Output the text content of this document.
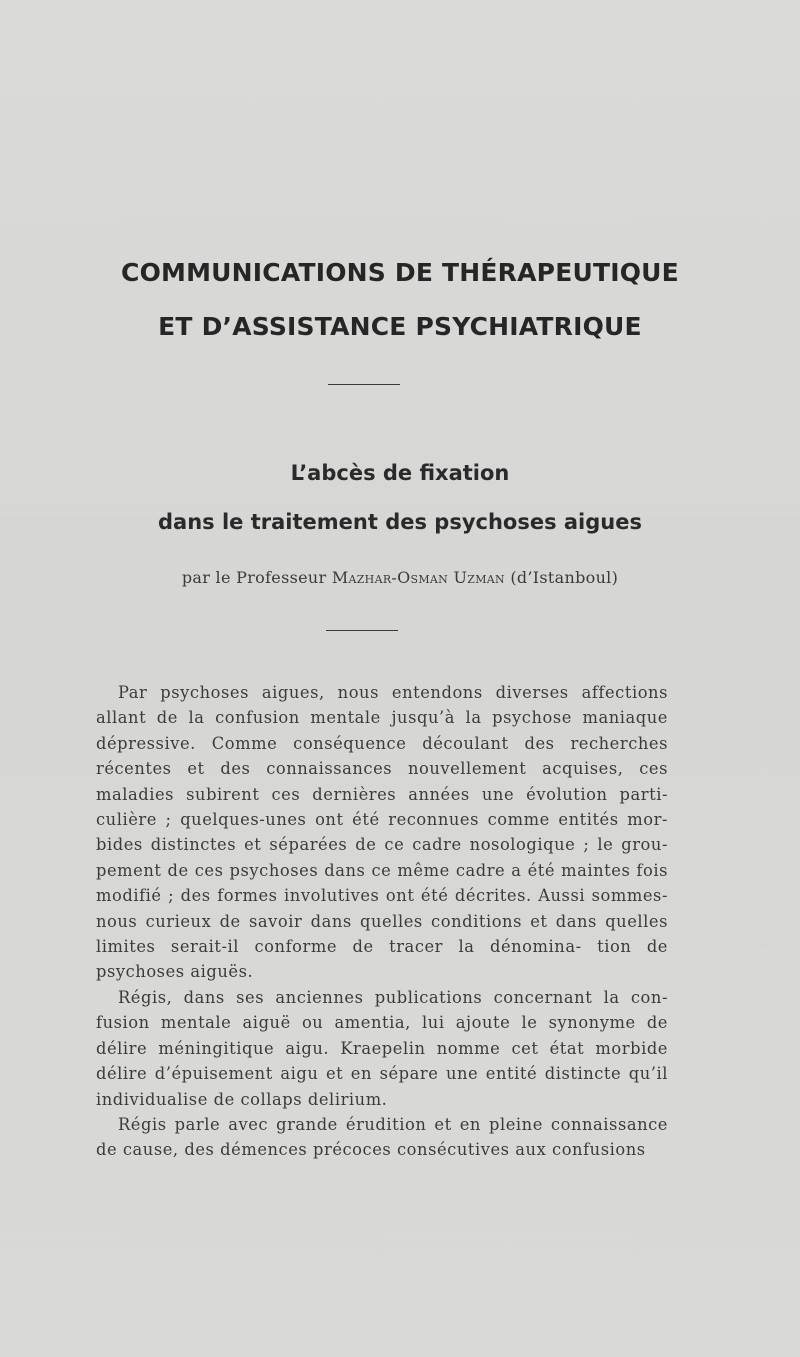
COMMUNICATIONS DE THÉRAPEUTIQUE
ET D’ASSISTANCE PSYCHIATRIQUE
L’abcès de fixation
dans le traitement des psychoses aigues
par le Professeur Mazhar-Osman Uzman (d’Istanboul)

Par psychoses aigues, nous entendons diverses affections allant de la confusion mentale jusqu’à la psychose maniaque dépressive. Comme conséquence découlant des recherches récentes et des connaissances nouvellement acquises, ces maladies subirent ces dernières années une évolution parti- culière ; quelques-unes ont été reconnues comme entités mor- bides distinctes et séparées de ce cadre nosologique ; le grou- pement de ces psychoses dans ce même cadre a été maintes fois modifié ; des formes involutives ont été décrites. Aussi sommes-nous curieux de savoir dans quelles conditions et dans quelles limites serait-il conforme de tracer la dénomina- tion de psychoses aiguës.

Régis, dans ses anciennes publications concernant la con- fusion mentale aiguë ou amentia, lui ajoute le synonyme de délire méningitique aigu. Kraepelin nomme cet état morbide délire d’épuisement aigu et en sépare une entité distincte qu’il individualise de collaps delirium.

Régis parle avec grande érudition et en pleine connaissance de cause, des démences précoces consécutives aux confusions
